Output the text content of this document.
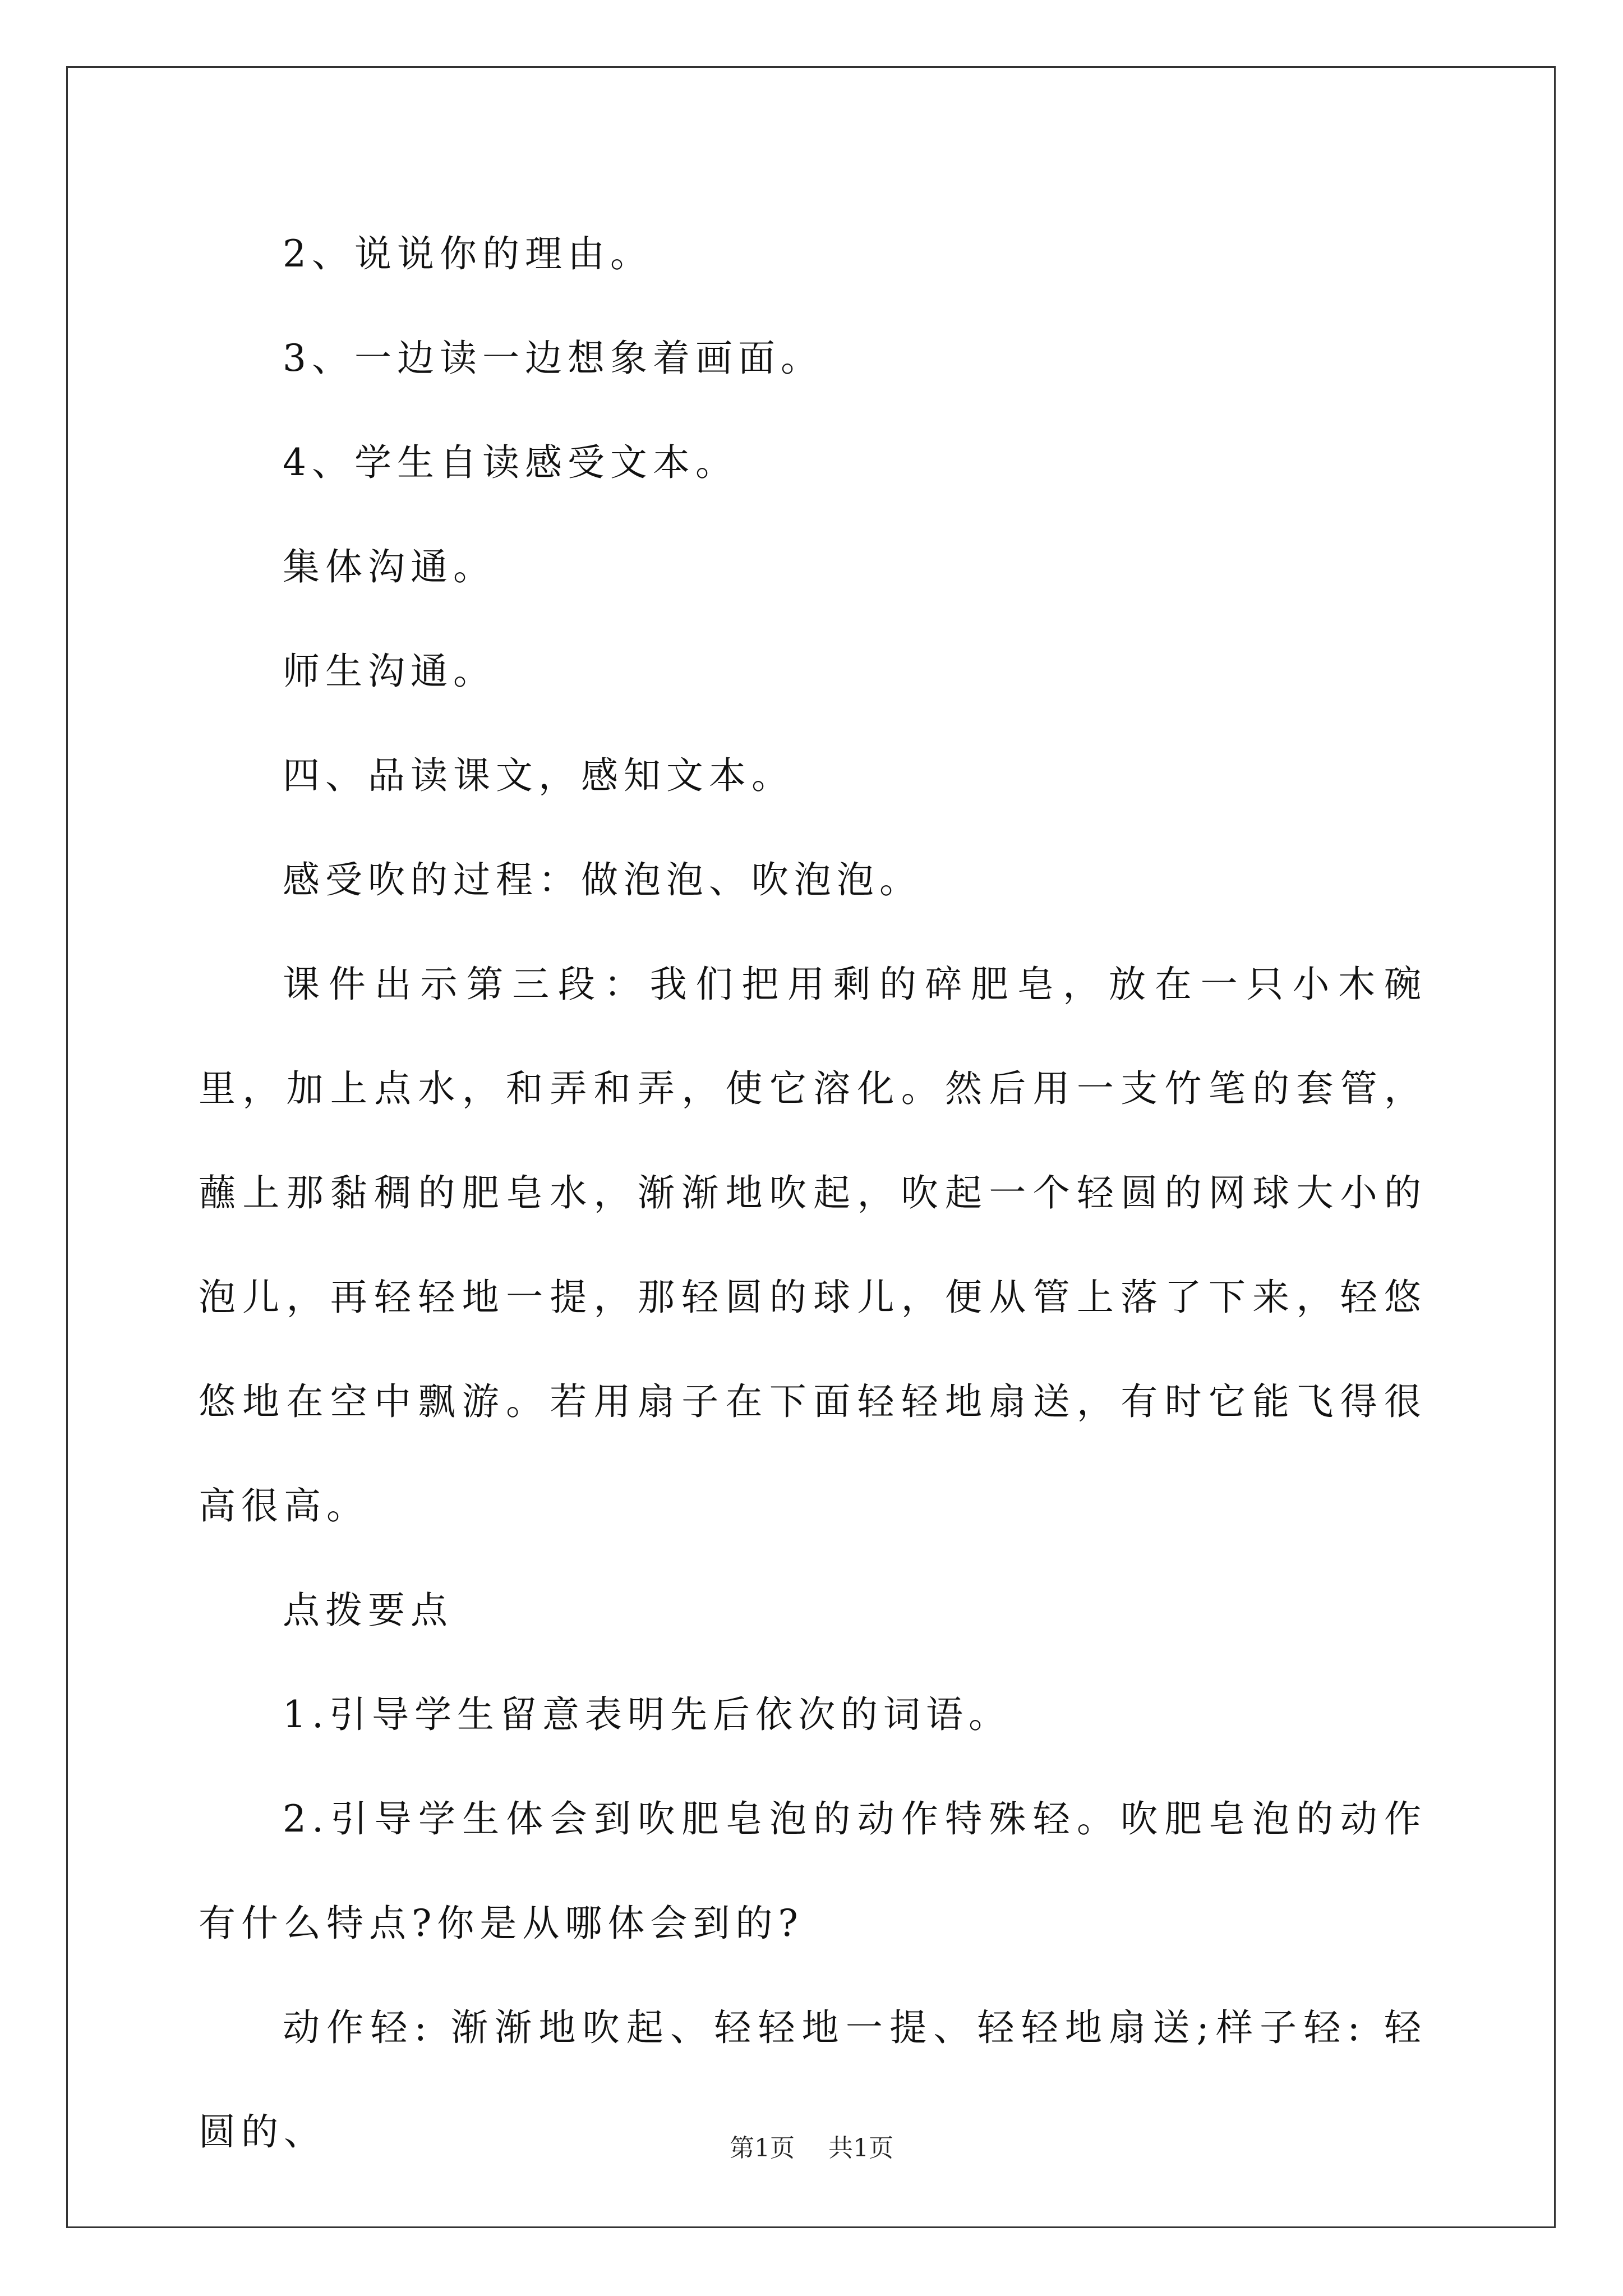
2、说说你的理由。

3、一边读一边想象着画面。

4、学生自读感受文本。

集体沟通。

师生沟通。

四、品读课文，感知文本。

感受吹的过程：做泡泡、吹泡泡。

课件出示第三段：我们把用剩的碎肥皂，放在一只小木碗里，加上点水，和弄和弄，使它溶化。然后用一支竹笔的套管，蘸上那黏稠的肥皂水，渐渐地吹起，吹起一个轻圆的网球大小的泡儿，再轻轻地一提，那轻圆的球儿，便从管上落了下来，轻悠悠地在空中飘游。若用扇子在下面轻轻地扇送，有时它能飞得很高很高。

点拨要点

1.引导学生留意表明先后依次的词语。

2.引导学生体会到吹肥皂泡的动作特殊轻。吹肥皂泡的动作有什么特点?你是从哪体会到的?

动作轻: 渐渐地吹起、轻轻地一提、轻轻地扇送;样子轻: 轻圆的、	第1页 共1页
